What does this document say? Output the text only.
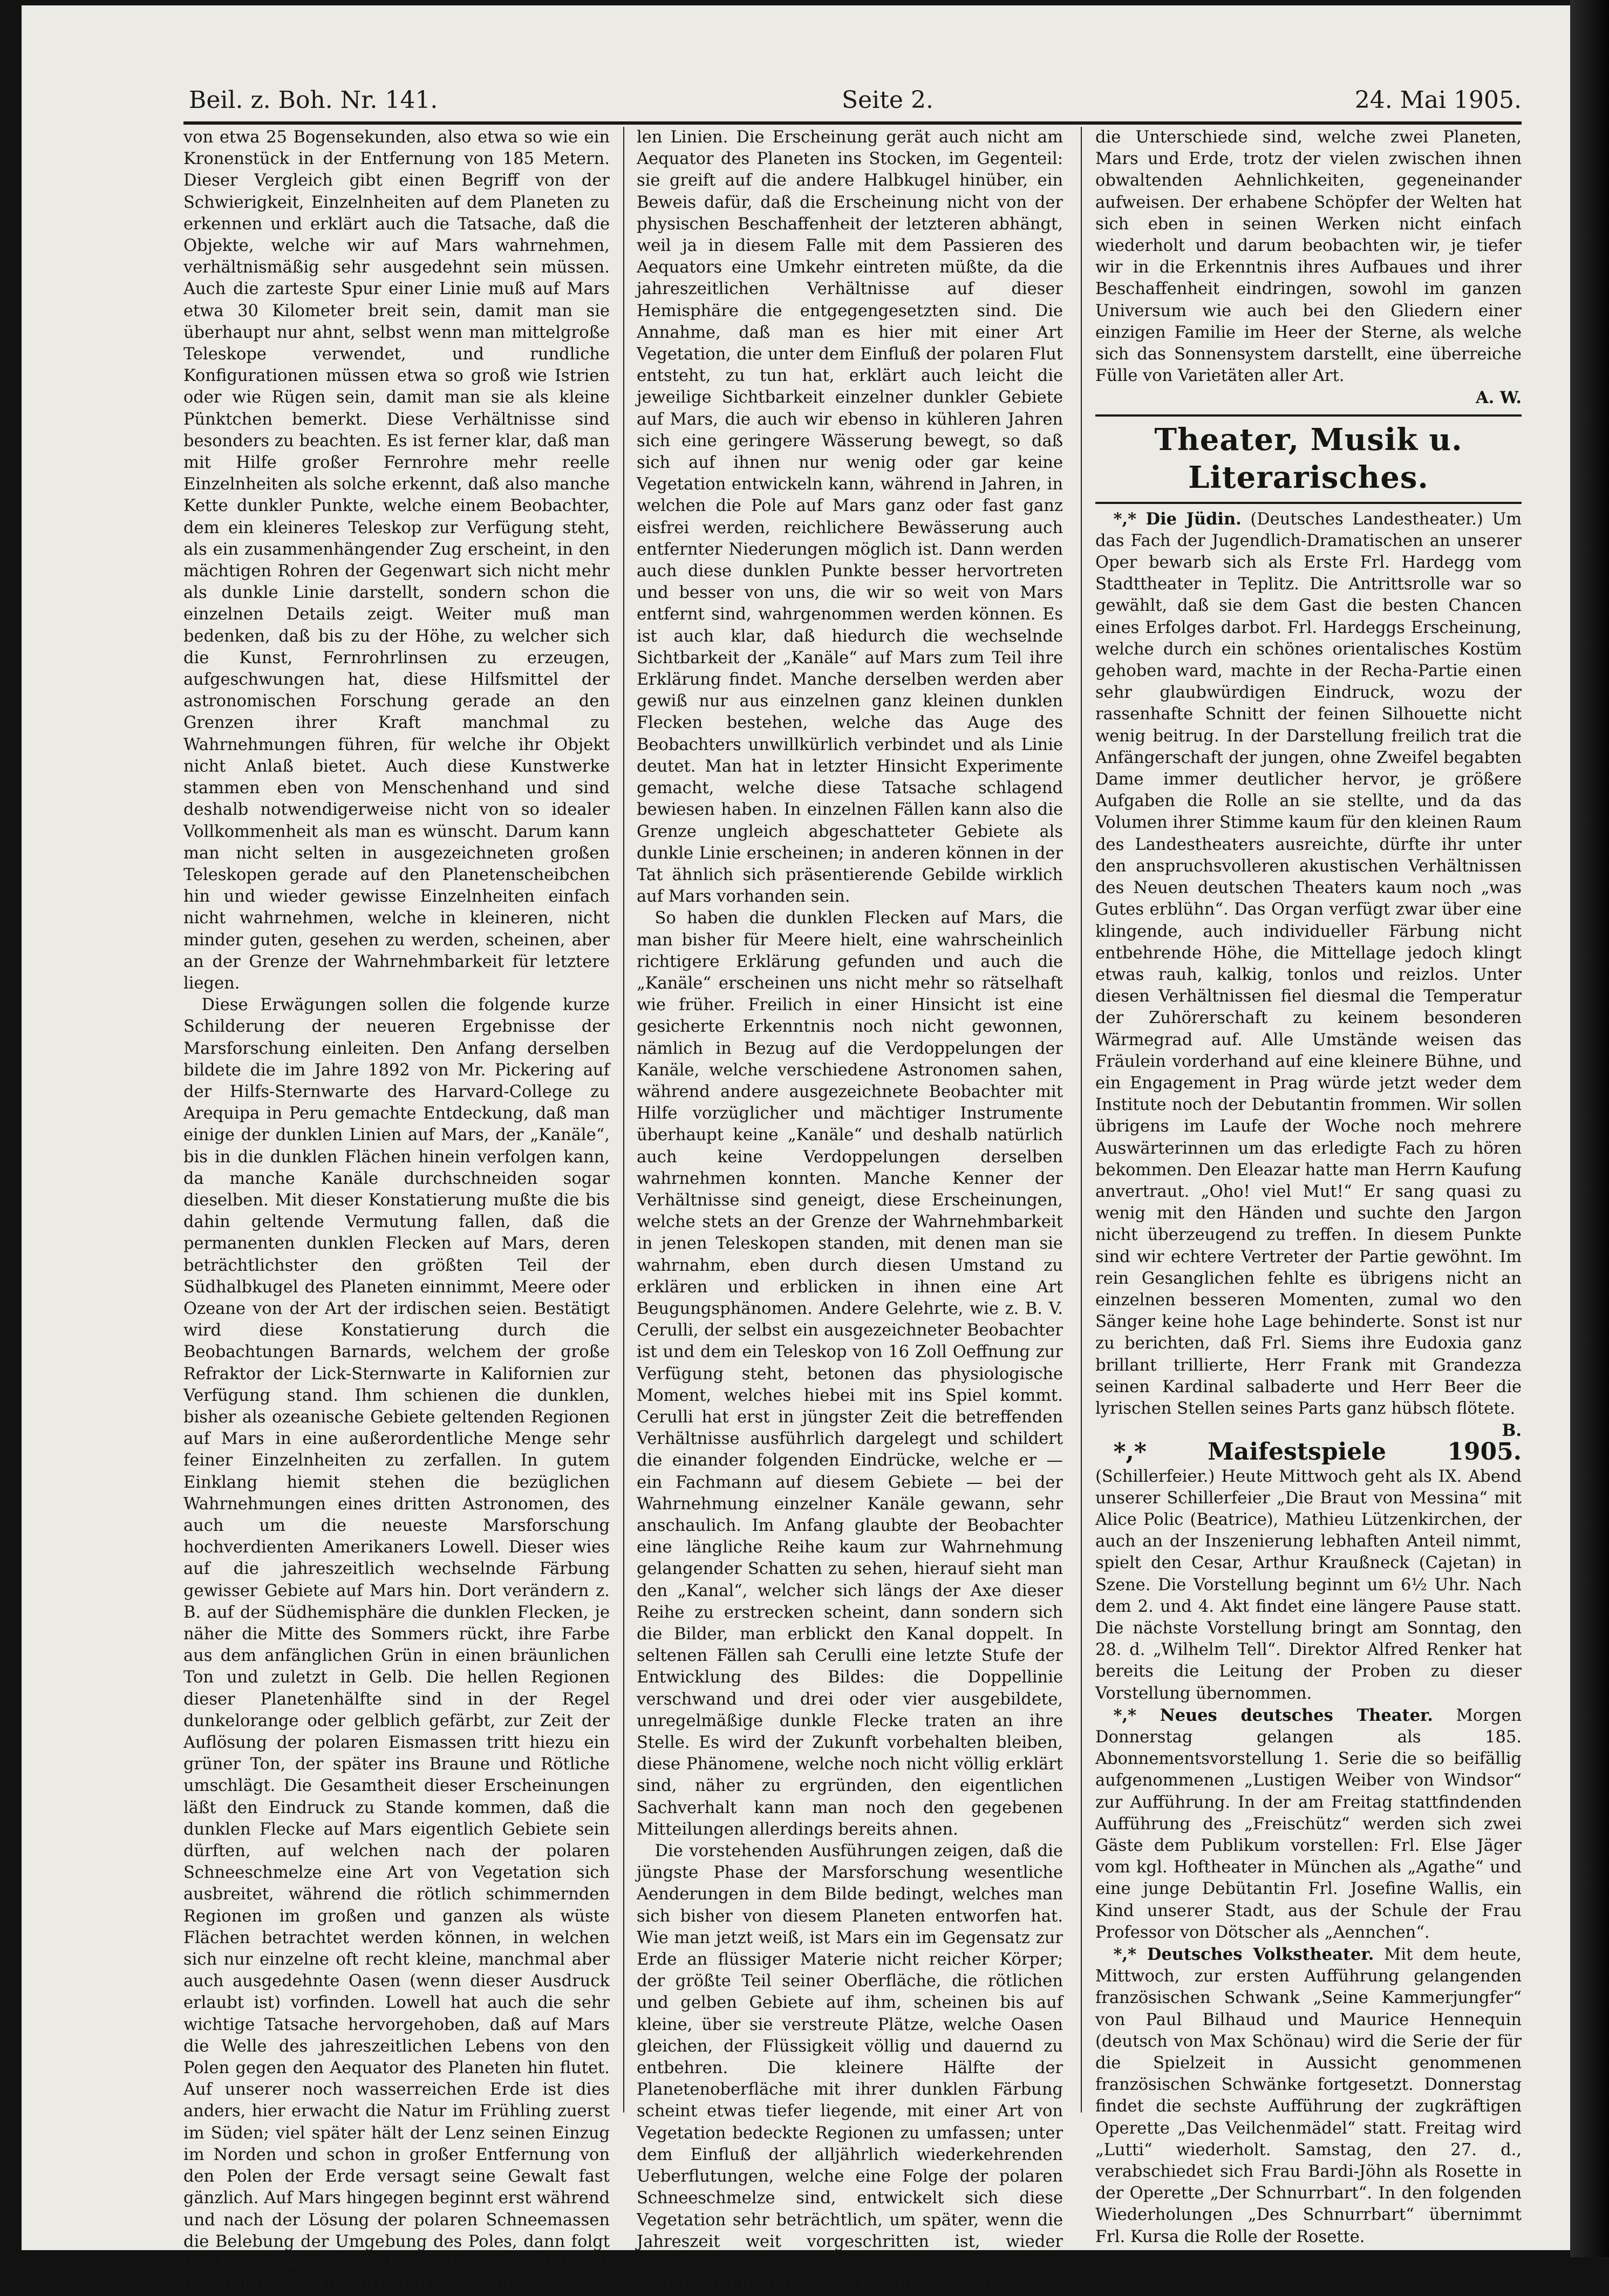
Beil. z. Boh. Nr. 141.	Seite 2.	24. Mai 1905.

von etwa 25 Bogensekunden, also etwa so wie ein Kronenstück in der Entfernung von 185 Metern. Dieser Vergleich gibt einen Begriff von der Schwierigkeit, Einzelnheiten auf dem Planeten zu erkennen und erklärt auch die Tatsache, daß die Objekte, welche wir auf Mars wahrnehmen, verhältnismäßig sehr ausgedehnt sein müssen. Auch die zarteste Spur einer Linie muß auf Mars etwa 30 Kilometer breit sein, damit man sie überhaupt nur ahnt, selbst wenn man mittelgroße Teleskope verwendet, und rundliche Konfigurationen müssen etwa so groß wie Istrien oder wie Rügen sein, damit man sie als kleine Pünktchen bemerkt. Diese Verhältnisse sind besonders zu beachten. Es ist ferner klar, daß man mit Hilfe großer Fernrohre mehr reelle Einzelnheiten als solche erkennt, daß also manche Kette dunkler Punkte, welche einem Beobachter, dem ein kleineres Teleskop zur Verfügung steht, als ein zusammenhängender Zug erscheint, in den mächtigen Rohren der Gegenwart sich nicht mehr als dunkle Linie darstellt, sondern schon die einzelnen Details zeigt. Weiter muß man bedenken, daß bis zu der Höhe, zu welcher sich die Kunst, Fernrohrlinsen zu erzeugen, aufgeschwungen hat, diese Hilfsmittel der astronomischen Forschung gerade an den Grenzen ihrer Kraft manchmal zu Wahrnehmungen führen, für welche ihr Objekt nicht Anlaß bietet. Auch diese Kunstwerke stammen eben von Menschenhand und sind deshalb notwendigerweise nicht von so idealer Vollkommenheit als man es wünscht. Darum kann man nicht selten in ausgezeichneten großen Teleskopen gerade auf den Planetenscheibchen hin und wieder gewisse Einzelnheiten einfach nicht wahrnehmen, welche in kleineren, nicht minder guten, gesehen zu werden, scheinen, aber an der Grenze der Wahrnehmbarkeit für letztere liegen.

Diese Erwägungen sollen die folgende kurze Schilderung der neueren Ergebnisse der Marsforschung einleiten. Den Anfang derselben bildete die im Jahre 1892 von Mr. Pickering auf der Hilfs-Sternwarte des Harvard-College zu Arequipa in Peru gemachte Entdeckung, daß man einige der dunklen Linien auf Mars, der „Kanäle“, bis in die dunklen Flächen hinein verfolgen kann, da manche Kanäle durchschneiden sogar dieselben. Mit dieser Konstatierung mußte die bis dahin geltende Vermutung fallen, daß die permanenten dunklen Flecken auf Mars, deren beträchtlichster den größten Teil der Südhalbkugel des Planeten einnimmt, Meere oder Ozeane von der Art der irdischen seien. Bestätigt wird diese Konstatierung durch die Beobachtungen Barnards, welchem der große Refraktor der Lick-Sternwarte in Kalifornien zur Verfügung stand. Ihm schienen die dunklen, bisher als ozeanische Gebiete geltenden Regionen auf Mars in eine außerordentliche Menge sehr feiner Einzelnheiten zu zerfallen. In gutem Einklang hiemit stehen die bezüglichen Wahrnehmungen eines dritten Astronomen, des auch um die neueste Marsforschung hochverdienten Amerikaners Lowell. Dieser wies auf die jahreszeitlich wechselnde Färbung gewisser Gebiete auf Mars hin. Dort verändern z. B. auf der Südhemisphäre die dunklen Flecken, je näher die Mitte des Sommers rückt, ihre Farbe aus dem anfänglichen Grün in einen bräunlichen Ton und zuletzt in Gelb. Die hellen Regionen dieser Planetenhälfte sind in der Regel dunkelorange oder gelblich gefärbt, zur Zeit der Auflösung der polaren Eismassen tritt hiezu ein grüner Ton, der später ins Braune und Rötliche umschlägt. Die Gesamtheit dieser Erscheinungen läßt den Eindruck zu Stande kommen, daß die dunklen Flecke auf Mars eigentlich Gebiete sein dürften, auf welchen nach der polaren Schneeschmelze eine Art von Vegetation sich ausbreitet, während die rötlich schimmernden Regionen im großen und ganzen als wüste Flächen betrachtet werden können, in welchen sich nur einzelne oft recht kleine, manchmal aber auch ausgedehnte Oasen (wenn dieser Ausdruck erlaubt ist) vorfinden. Lowell hat auch die sehr wichtige Tatsache hervorgehoben, daß auf Mars die Welle des jahreszeitlichen Lebens von den Polen gegen den Aequator des Planeten hin flutet. Auf unserer noch wasserreichen Erde ist dies anders, hier erwacht die Natur im Frühling zuerst im Süden; viel später hält der Lenz seinen Einzug im Norden und schon in großer Entfernung von den Polen der Erde versagt seine Gewalt fast gänzlich. Auf Mars hingegen beginnt erst während und nach der Lösung der polaren Schneemassen die Belebung der Umgebung des Poles, dann folgt das Dunklerwerden des benachbarten Gürtels und das deutlichere Hervortreten seiner dunk-

len Linien. Die Erscheinung gerät auch nicht am Aequator des Planeten ins Stocken, im Gegenteil: sie greift auf die andere Halbkugel hinüber, ein Beweis dafür, daß die Erscheinung nicht von der physischen Beschaffenheit der letzteren abhängt, weil ja in diesem Falle mit dem Passieren des Aequators eine Umkehr eintreten müßte, da die jahreszeitlichen Verhältnisse auf dieser Hemisphäre die entgegengesetzten sind. Die Annahme, daß man es hier mit einer Art Vegetation, die unter dem Einfluß der polaren Flut entsteht, zu tun hat, erklärt auch leicht die jeweilige Sichtbarkeit einzelner dunkler Gebiete auf Mars, die auch wir ebenso in kühleren Jahren sich eine geringere Wässerung bewegt, so daß sich auf ihnen nur wenig oder gar keine Vegetation entwickeln kann, während in Jahren, in welchen die Pole auf Mars ganz oder fast ganz eisfrei werden, reichlichere Bewässerung auch entfernter Niederungen möglich ist. Dann werden auch diese dunklen Punkte besser hervortreten und besser von uns, die wir so weit von Mars entfernt sind, wahrgenommen werden können. Es ist auch klar, daß hiedurch die wechselnde Sichtbarkeit der „Kanäle“ auf Mars zum Teil ihre Erklärung findet. Manche derselben werden aber gewiß nur aus einzelnen ganz kleinen dunklen Flecken bestehen, welche das Auge des Beobachters unwillkürlich verbindet und als Linie deutet. Man hat in letzter Hinsicht Experimente gemacht, welche diese Tatsache schlagend bewiesen haben. In einzelnen Fällen kann also die Grenze ungleich abgeschatteter Gebiete als dunkle Linie erscheinen; in anderen können in der Tat ähnlich sich präsentierende Gebilde wirklich auf Mars vorhanden sein.

So haben die dunklen Flecken auf Mars, die man bisher für Meere hielt, eine wahrscheinlich richtigere Erklärung gefunden und auch die „Kanäle“ erscheinen uns nicht mehr so rätselhaft wie früher. Freilich in einer Hinsicht ist eine gesicherte Erkenntnis noch nicht gewonnen, nämlich in Bezug auf die Verdoppelungen der Kanäle, welche verschiedene Astronomen sahen, während andere ausgezeichnete Beobachter mit Hilfe vorzüglicher und mächtiger Instrumente überhaupt keine „Kanäle“ und deshalb natürlich auch keine Verdoppelungen derselben wahrnehmen konnten. Manche Kenner der Verhältnisse sind geneigt, diese Erscheinungen, welche stets an der Grenze der Wahrnehmbarkeit in jenen Teleskopen standen, mit denen man sie wahrnahm, eben durch diesen Umstand zu erklären und erblicken in ihnen eine Art Beugungsphänomen. Andere Gelehrte, wie z. B. V. Cerulli, der selbst ein ausgezeichneter Beobachter ist und dem ein Teleskop von 16 Zoll Oeffnung zur Verfügung steht, betonen das physiologische Moment, welches hiebei mit ins Spiel kommt. Cerulli hat erst in jüngster Zeit die betreffenden Verhältnisse ausführlich dargelegt und schildert die einander folgenden Eindrücke, welche er — ein Fachmann auf diesem Gebiete — bei der Wahrnehmung einzelner Kanäle gewann, sehr anschaulich. Im Anfang glaubte der Beobachter eine längliche Reihe kaum zur Wahrnehmung gelangender Schatten zu sehen, hierauf sieht man den „Kanal“, welcher sich längs der Axe dieser Reihe zu erstrecken scheint, dann sondern sich die Bilder, man erblickt den Kanal doppelt. In seltenen Fällen sah Cerulli eine letzte Stufe der Entwicklung des Bildes: die Doppellinie verschwand und drei oder vier ausgebildete, unregelmäßige dunkle Flecke traten an ihre Stelle. Es wird der Zukunft vorbehalten bleiben, diese Phänomene, welche noch nicht völlig erklärt sind, näher zu ergründen, den eigentlichen Sachverhalt kann man noch den gegebenen Mitteilungen allerdings bereits ahnen.

Die vorstehenden Ausführungen zeigen, daß die jüngste Phase der Marsforschung wesentliche Aenderungen in dem Bilde bedingt, welches man sich bisher von diesem Planeten entworfen hat. Wie man jetzt weiß, ist Mars ein im Gegensatz zur Erde an flüssiger Materie nicht reicher Körper; der größte Teil seiner Oberfläche, die rötlichen und gelben Gebiete auf ihm, scheinen bis auf kleine, über sie verstreute Plätze, welche Oasen gleichen, der Flüssigkeit völlig und dauernd zu entbehren. Die kleinere Hälfte der Planetenoberfläche mit ihrer dunklen Färbung scheint etwas tiefer liegende, mit einer Art von Vegetation bedeckte Regionen zu umfassen; unter dem Einfluß der alljährlich wiederkehrenden Ueberflutungen, welche eine Folge der polaren Schneeschmelze sind, entwickelt sich diese Vegetation sehr beträchtlich, um später, wenn die Jahreszeit weit vorgeschritten ist, wieder zurückzugehen.

Man wird hieraus leicht erkennen, wie groß

die Unterschiede sind, welche zwei Planeten, Mars und Erde, trotz der vielen zwischen ihnen obwaltenden Aehnlichkeiten, gegeneinander aufweisen. Der erhabene Schöpfer der Welten hat sich eben in seinen Werken nicht einfach wiederholt und darum beobachten wir, je tiefer wir in die Erkenntnis ihres Aufbaues und ihrer Beschaffenheit eindringen, sowohl im ganzen Universum wie auch bei den Gliedern einer einzigen Familie im Heer der Sterne, als welche sich das Sonnensystem darstellt, eine überreiche Fülle von Varietäten aller Art.

A. W.

Theater, Musik u. Literarisches.

*,* Die Jüdin. (Deutsches Landestheater.) Um das Fach der Jugendlich-Dramatischen an unserer Oper bewarb sich als Erste Frl. Hardegg vom Stadttheater in Teplitz. Die Antrittsrolle war so gewählt, daß sie dem Gast die besten Chancen eines Erfolges darbot. Frl. Hardeggs Erscheinung, welche durch ein schönes orientalisches Kostüm gehoben ward, machte in der Recha-Partie einen sehr glaubwürdigen Eindruck, wozu der rassenhafte Schnitt der feinen Silhouette nicht wenig beitrug. In der Darstellung freilich trat die Anfängerschaft der jungen, ohne Zweifel begabten Dame immer deutlicher hervor, je größere Aufgaben die Rolle an sie stellte, und da das Volumen ihrer Stimme kaum für den kleinen Raum des Landestheaters ausreichte, dürfte ihr unter den anspruchsvolleren akustischen Verhältnissen des Neuen deutschen Theaters kaum noch „was Gutes erblühn“. Das Organ verfügt zwar über eine klingende, auch individueller Färbung nicht entbehrende Höhe, die Mittellage jedoch klingt etwas rauh, kalkig, tonlos und reizlos. Unter diesen Verhältnissen fiel diesmal die Temperatur der Zuhörerschaft zu keinem besonderen Wärmegrad auf. Alle Umstände weisen das Fräulein vorderhand auf eine kleinere Bühne, und ein Engagement in Prag würde jetzt weder dem Institute noch der Debutantin frommen. Wir sollen übrigens im Laufe der Woche noch mehrere Auswärterinnen um das erledigte Fach zu hören bekommen. Den Eleazar hatte man Herrn Kaufung anvertraut. „Oho! viel Mut!“ Er sang quasi zu wenig mit den Händen und suchte den Jargon nicht überzeugend zu treffen. In diesem Punkte sind wir echtere Vertreter der Partie gewöhnt. Im rein Gesanglichen fehlte es übrigens nicht an einzelnen besseren Momenten, zumal wo den Sänger keine hohe Lage behinderte. Sonst ist nur zu berichten, daß Frl. Siems ihre Eudoxia ganz brillant trillierte, Herr Frank mit Grandezza seinen Kardinal salbaderte und Herr Beer die lyrischen Stellen seines Parts ganz hübsch flötete.

B.

*,* Maifestspiele 1905. (Schillerfeier.) Heute Mittwoch geht als IX. Abend unserer Schillerfeier „Die Braut von Messina“ mit Alice Polic (Beatrice), Mathieu Lützenkirchen, der auch an der Inszenierung lebhaften Anteil nimmt, spielt den Cesar, Arthur Kraußneck (Cajetan) in Szene. Die Vorstellung beginnt um 6½ Uhr. Nach dem 2. und 4. Akt findet eine längere Pause statt. Die nächste Vorstellung bringt am Sonntag, den 28. d. „Wilhelm Tell“. Direktor Alfred Renker hat bereits die Leitung der Proben zu dieser Vorstellung übernommen.

*,* Neues deutsches Theater. Morgen Donnerstag gelangen als 185. Abonnementsvorstellung 1. Serie die so beifällig aufgenommenen „Lustigen Weiber von Windsor“ zur Aufführung. In der am Freitag stattfindenden Aufführung des „Freischütz“ werden sich zwei Gäste dem Publikum vorstellen: Frl. Else Jäger vom kgl. Hoftheater in München als „Agathe“ und eine junge Debütantin Frl. Josefine Wallis, ein Kind unserer Stadt, aus der Schule der Frau Professor von Dötscher als „Aennchen“.

*,* Deutsches Volkstheater. Mit dem heute, Mittwoch, zur ersten Aufführung gelangenden französischen Schwank „Seine Kammerjungfer“ von Paul Bilhaud und Maurice Hennequin (deutsch von Max Schönau) wird die Serie der für die Spielzeit in Aussicht genommenen französischen Schwänke fortgesetzt. Donnerstag findet die sechste Aufführung der zugkräftigen Operette „Das Veilchenmädel“ statt. Freitag wird „Lutti“ wiederholt. Samstag, den 27. d., verabschiedet sich Frau Bardi-Jöhn als Rosette in der Operette „Der Schnurrbart“. In den folgenden Wiederholungen „Des Schnurrbart“ übernimmt Frl. Kursa die Rolle der Rosette.
